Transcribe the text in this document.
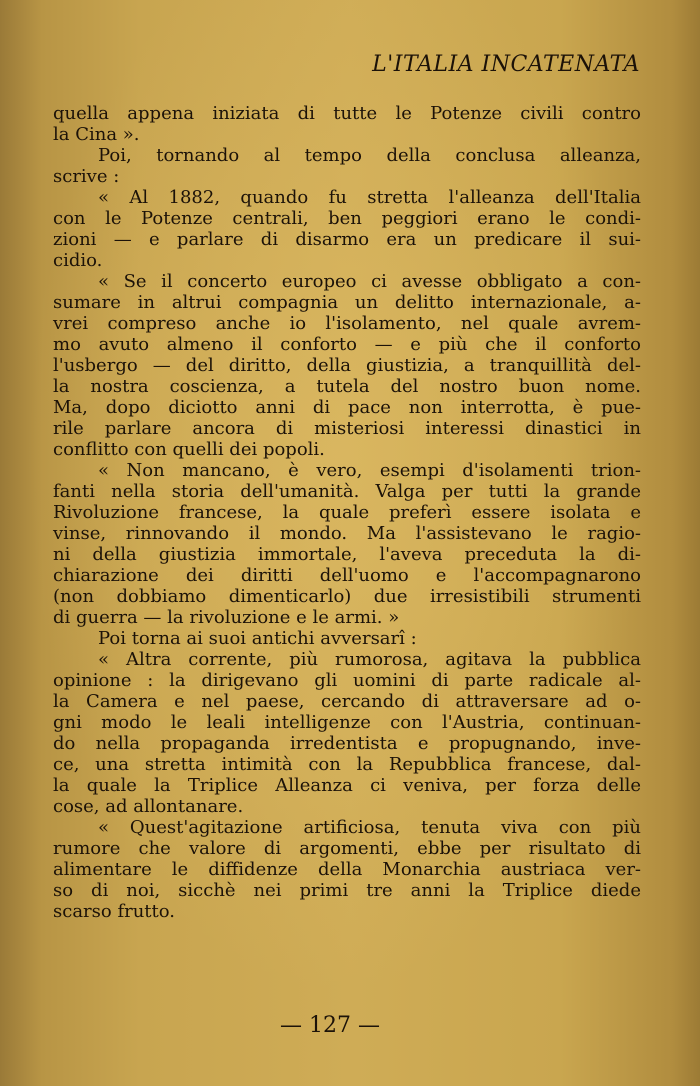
L'ITALIA INCATENATA
quella appena iniziata di tutte le Potenze civili contro
la Cina ».
Poi, tornando al tempo della conclusa alleanza,
scrive :
« Al 1882, quando fu stretta l'alleanza dell'Italia
con le Potenze centrali, ben peggiori erano le condi-
zioni — e parlare di disarmo era un predicare il sui-
cidio.
« Se il concerto europeo ci avesse obbligato a con-
sumare in altrui compagnia un delitto internazionale, a-
vrei compreso anche io l'isolamento, nel quale avrem-
mo avuto almeno il conforto — e più che il conforto
l'usbergo — del diritto, della giustizia, a tranquillità del-
la nostra coscienza, a tutela del nostro buon nome.
Ma, dopo diciotto anni di pace non interrotta, è pue-
rile parlare ancora di misteriosi interessi dinastici in
conflitto con quelli dei popoli.
« Non mancano, è vero, esempi d'isolamenti trion-
fanti nella storia dell'umanità. Valga per tutti la grande
Rivoluzione francese, la quale preferì essere isolata e
vinse, rinnovando il mondo. Ma l'assistevano le ragio-
ni della giustizia immortale, l'aveva preceduta la di-
chiarazione dei diritti dell'uomo e l'accompagnarono
(non dobbiamo dimenticarlo) due irresistibili strumenti
di guerra — la rivoluzione e le armi. »
Poi torna ai suoi antichi avversarî :
« Altra corrente, più rumorosa, agitava la pubblica
opinione : la dirigevano gli uomini di parte radicale al-
la Camera e nel paese, cercando di attraversare ad o-
gni modo le leali intelligenze con l'Austria, continuan-
do nella propaganda irredentista e propugnando, inve-
ce, una stretta intimità con la Repubblica francese, dal-
la quale la Triplice Alleanza ci veniva, per forza delle
cose, ad allontanare.
« Quest'agitazione artificiosa, tenuta viva con più
rumore che valore di argomenti, ebbe per risultato di
alimentare le diffidenze della Monarchia austriaca ver-
so di noi, sicchè nei primi tre anni la Triplice diede
scarso frutto.
— 127 —
